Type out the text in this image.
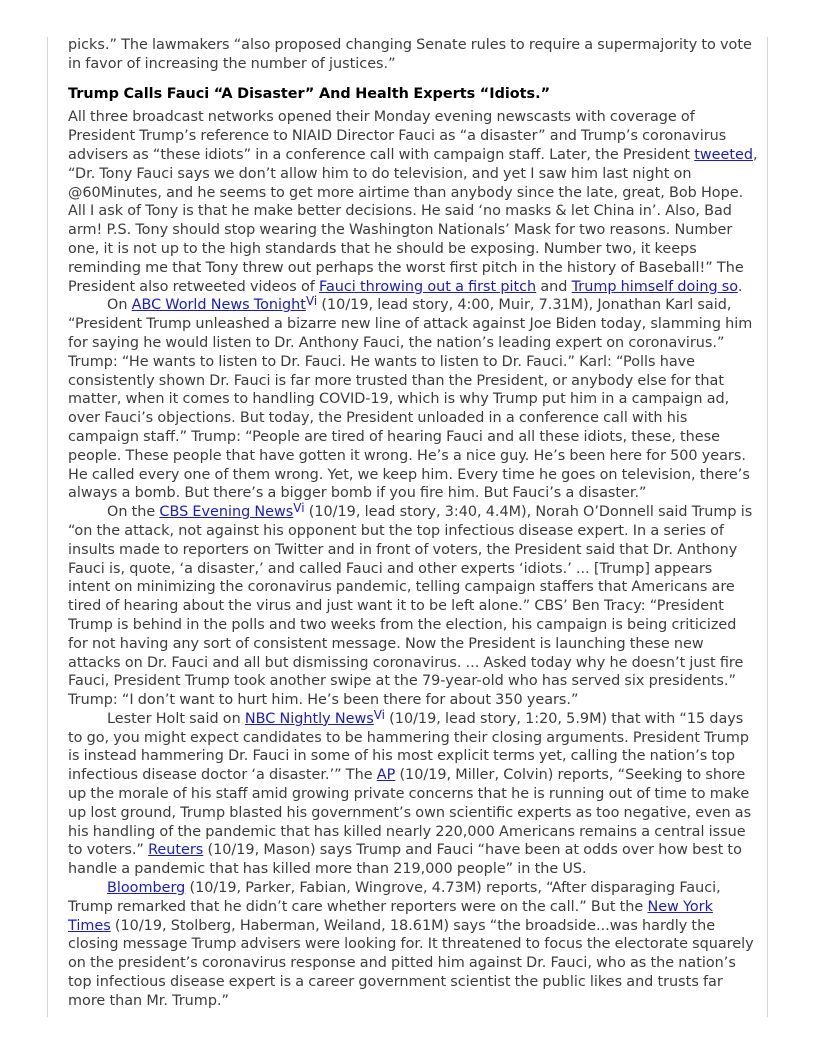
picks.” The lawmakers “also proposed changing Senate rules to require a supermajority to vote in favor of increasing the number of justices.”

Trump Calls Fauci “A Disaster” And Health Experts “Idiots.”

All three broadcast networks opened their Monday evening newscasts with coverage of President Trump’s reference to NIAID Director Fauci as “a disaster” and Trump’s coronavirus advisers as “these idiots” in a conference call with campaign staff. Later, the President tweeted, “Dr. Tony Fauci says we don’t allow him to do television, and yet I saw him last night on @60Minutes, and he seems to get more airtime than anybody since the late, great, Bob Hope. All I ask of Tony is that he make better decisions. He said ‘no masks & let China in’. Also, Bad arm! P.S. Tony should stop wearing the Washington Nationals’ Mask for two reasons. Number one, it is not up to the high standards that he should be exposing. Number two, it keeps reminding me that Tony threw out perhaps the worst first pitch in the history of Baseball!” The President also retweeted videos of Fauci throwing out a first pitch and Trump himself doing so.

On ABC World News Tonight$^{Vi}$ (10/19, lead story, 4:00, Muir, 7.31M), Jonathan Karl said, “President Trump unleashed a bizarre new line of attack against Joe Biden today, slamming him for saying he would listen to Dr. Anthony Fauci, the nation’s leading expert on coronavirus.” Trump: “He wants to listen to Dr. Fauci. He wants to listen to Dr. Fauci.” Karl: “Polls have consistently shown Dr. Fauci is far more trusted than the President, or anybody else for that matter, when it comes to handling COVID-19, which is why Trump put him in a campaign ad, over Fauci’s objections. But today, the President unloaded in a conference call with his campaign staff.” Trump: “People are tired of hearing Fauci and all these idiots, these, these people. These people that have gotten it wrong. He’s a nice guy. He’s been here for 500 years. He called every one of them wrong. Yet, we keep him. Every time he goes on television, there’s always a bomb. But there’s a bigger bomb if you fire him. But Fauci’s a disaster.”

On the CBS Evening News$^{Vi}$ (10/19, lead story, 3:40, 4.4M), Norah O’Donnell said Trump is “on the attack, not against his opponent but the top infectious disease expert. In a series of insults made to reporters on Twitter and in front of voters, the President said that Dr. Anthony Fauci is, quote, ‘a disaster,’ and called Fauci and other experts ‘idiots.’ ... [Trump] appears intent on minimizing the coronavirus pandemic, telling campaign staffers that Americans are tired of hearing about the virus and just want it to be left alone.” CBS’ Ben Tracy: “President Trump is behind in the polls and two weeks from the election, his campaign is being criticized for not having any sort of consistent message. Now the President is launching these new attacks on Dr. Fauci and all but dismissing coronavirus. ... Asked today why he doesn’t just fire Fauci, President Trump took another swipe at the 79-year-old who has served six presidents.” Trump: “I don’t want to hurt him. He’s been there for about 350 years.”

Lester Holt said on NBC Nightly News$^{Vi}$ (10/19, lead story, 1:20, 5.9M) that with “15 days to go, you might expect candidates to be hammering their closing arguments. President Trump is instead hammering Dr. Fauci in some of his most explicit terms yet, calling the nation’s top infectious disease doctor ‘a disaster.’” The AP (10/19, Miller, Colvin) reports, “Seeking to shore up the morale of his staff amid growing private concerns that he is running out of time to make up lost ground, Trump blasted his government’s own scientific experts as too negative, even as his handling of the pandemic that has killed nearly 220,000 Americans remains a central issue to voters.” Reuters (10/19, Mason) says Trump and Fauci “have been at odds over how best to handle a pandemic that has killed more than 219,000 people” in the US.

Bloomberg (10/19, Parker, Fabian, Wingrove, 4.73M) reports, “After disparaging Fauci, Trump remarked that he didn’t care whether reporters were on the call.” But the New York Times (10/19, Stolberg, Haberman, Weiland, 18.61M) says “the broadside...was hardly the closing message Trump advisers were looking for. It threatened to focus the electorate squarely on the president’s coronavirus response and pitted him against Dr. Fauci, who as the nation’s top infectious disease expert is a career government scientist the public likes and trusts far more than Mr. Trump.”
